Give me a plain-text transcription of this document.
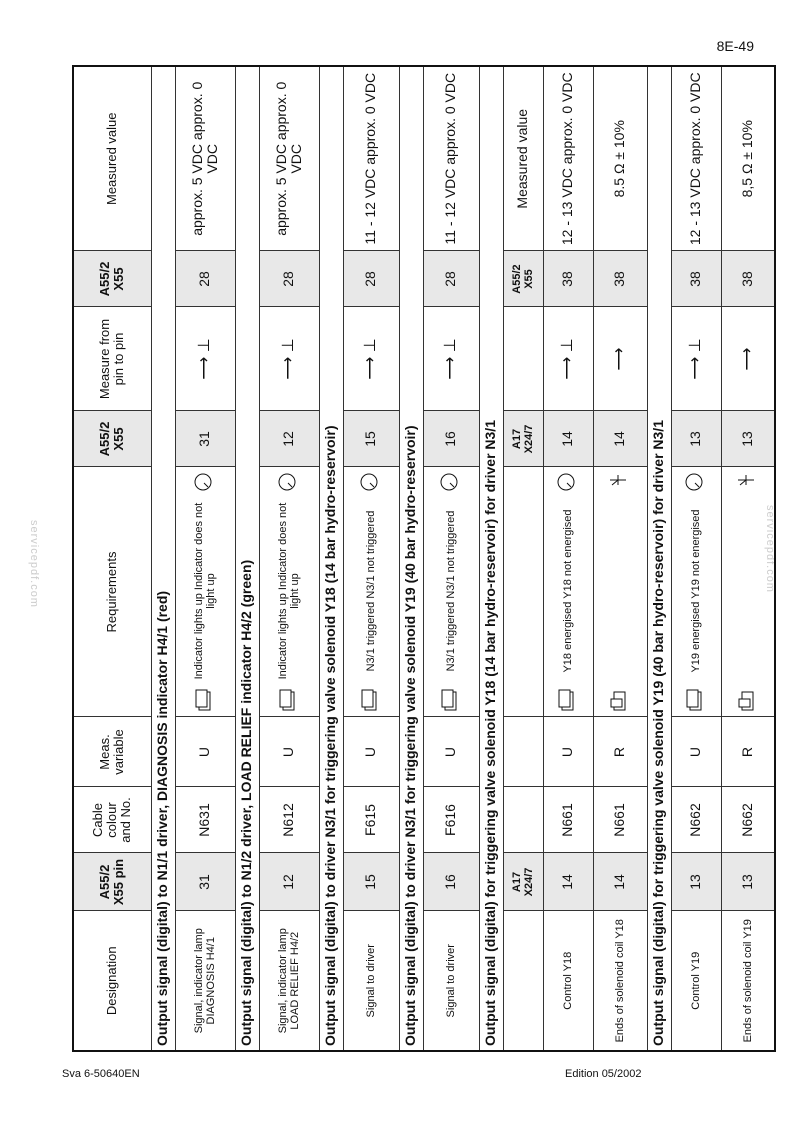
8E-49
servicepdf.com	servicepdf.com
Designation	A55/2 X55 pin	Cable colour and No.	Meas. variable	Requirements	A55/2 X55	Measure from pin to pin	A55/2 X55	Measured value
Output signal (digital) to N1/1 driver, DIAGNOSIS indicator H4/1 (red)								
Signal, indicator lamp DIAGNOSIS H4/1	31	N631	U	Indicator lights up Indicator does not light up	31	⟶ ⊥	28	approx. 5 VDC approx. 0 VDC
Output signal (digital) to N1/2 driver, LOAD RELIEF indicator H4/2 (green)								
Signal, indicator lamp LOAD RELIEF H4/2	12	N612	U	Indicator lights up Indicator does not light up	12	⟶ ⊥	28	approx. 5 VDC approx. 0 VDC
Output signal (digital) to driver N3/1 for triggering valve solenoid Y18 (14 bar hydro-reservoir)								
Signal to driver	15	F615	U	N3/1 triggered N3/1 not triggered	15	⟶ ⊥	28	11 - 12 VDC approx. 0 VDC
Output signal (digital) to driver N3/1 for triggering valve solenoid Y19 (40 bar hydro-reservoir)								
Signal to driver	16	F616	U	N3/1 triggered N3/1 not triggered	16	⟶ ⊥	28	11 - 12 VDC approx. 0 VDC
Output signal (digital) for triggering valve solenoid Y18 (14 bar hydro-reservoir) for driver N3/1								
	A17 X24/7				A17 X24/7		A55/2 X55	Measured value
Control Y18	14	N661	U	Y18 energised Y18 not energised	14	⟶ ⊥	38	12 - 13 VDC approx. 0 VDC
Ends of solenoid coil Y18	14	N661	R		14	⟶	38	8.5 Ω ± 10%
Output signal (digital) for triggering valve solenoid Y19 (40 bar hydro-reservoir) for driver N3/1								
Control Y19	13	N662	U	Y19 energised Y19 not energised	13	⟶ ⊥	38	12 - 13 VDC approx. 0 VDC
Ends of solenoid coil Y19	13	N662	R		13	⟶	38	8,5 Ω ± 10%
Sva 6-50640EN	Edition 05/2002
